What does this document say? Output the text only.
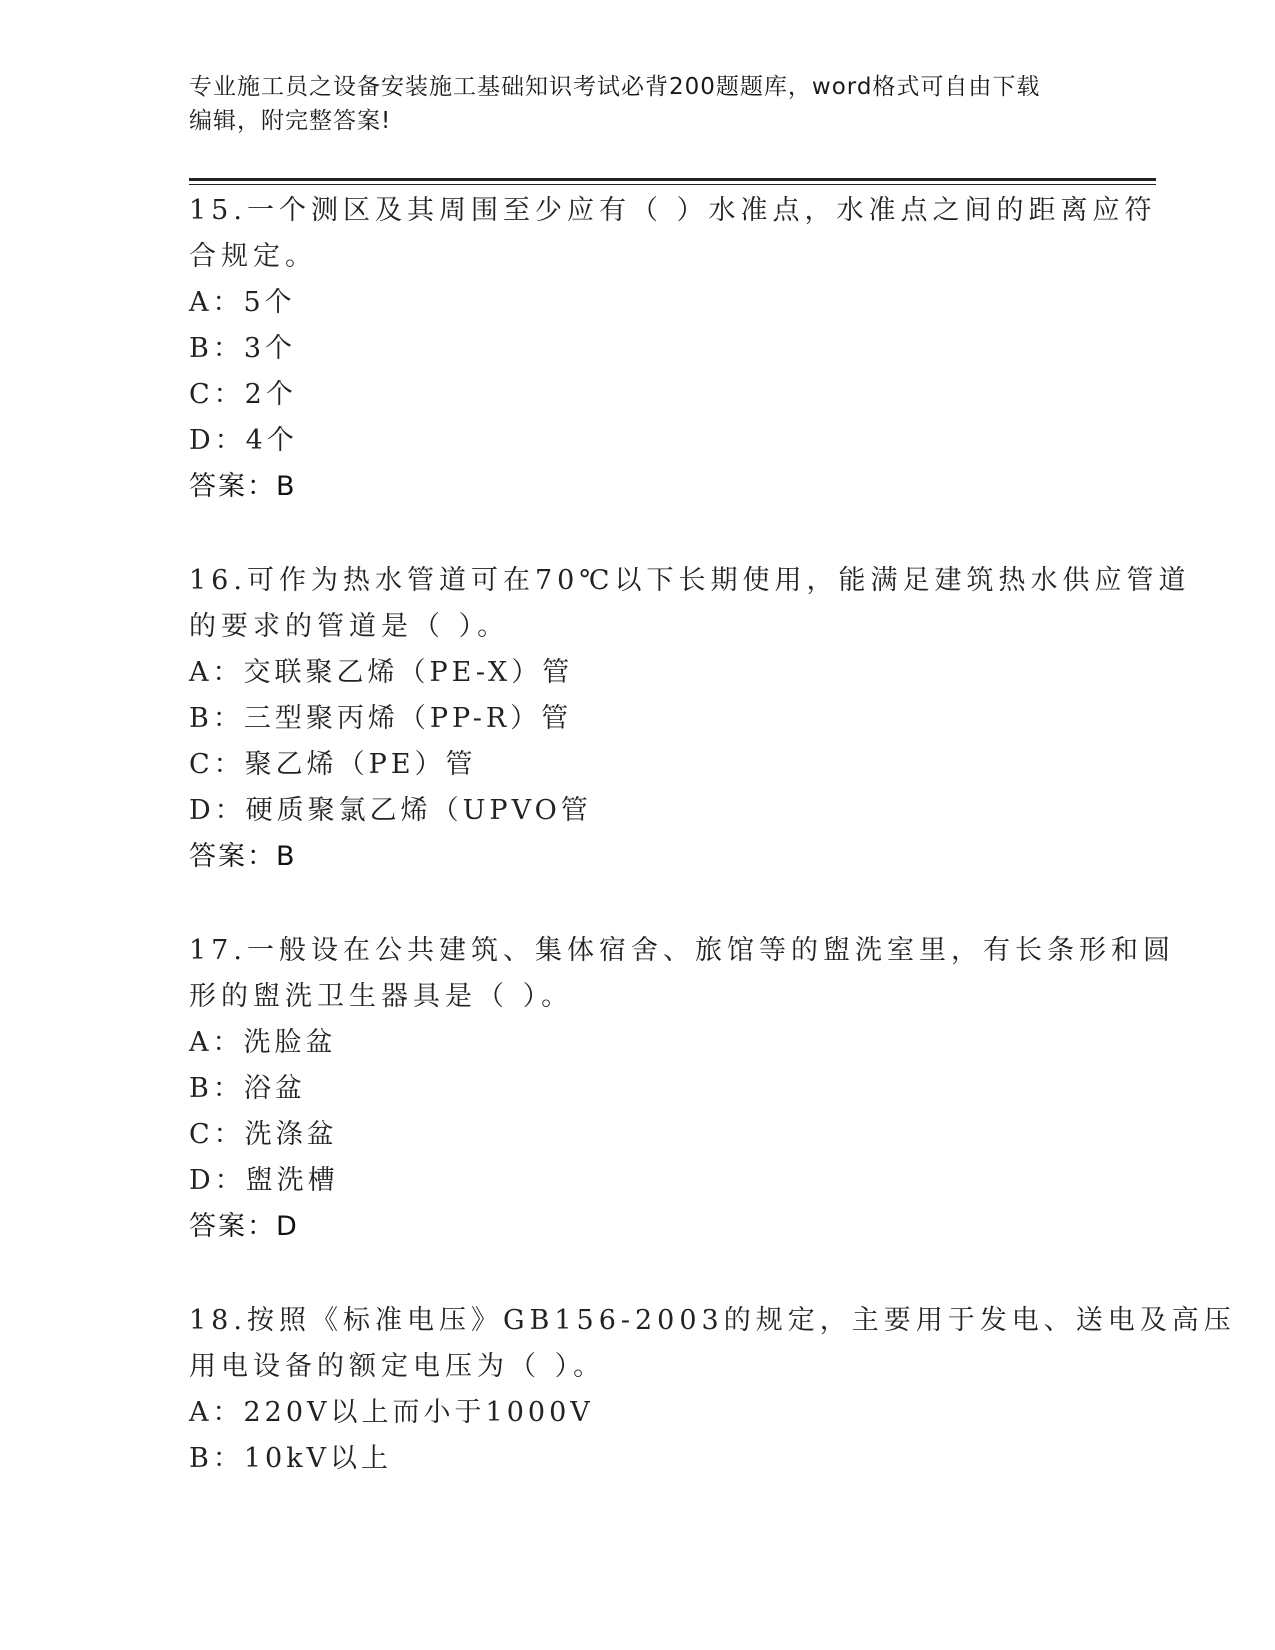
专业施工员之设备安装施工基础知识考试必背200题题库，word格式可自由下载
编辑，附完整答案!
15.一个测区及其周围至少应有（ ）水准点，水准点之间的距离应符
合规定。
A：5个
B：3个
C：2个
D：4个
答案：B
16.可作为热水管道可在70℃以下长期使用，能满足建筑热水供应管道
的要求的管道是（ ）。
A：交联聚乙烯（PE-X）管
B：三型聚丙烯（PP-R）管
C：聚乙烯（PE）管
D：硬质聚氯乙烯（UPVO管
答案：B
17.一般设在公共建筑、集体宿舍、旅馆等的盥洗室里，有长条形和圆
形的盥洗卫生器具是（ ）。
A：洗脸盆
B：浴盆
C：洗涤盆
D：盥洗槽
答案：D
18.按照《标准电压》GB156-2003的规定，主要用于发电、送电及高压
用电设备的额定电压为（ ）。
A：220V以上而小于1000V
B：10kV以上
